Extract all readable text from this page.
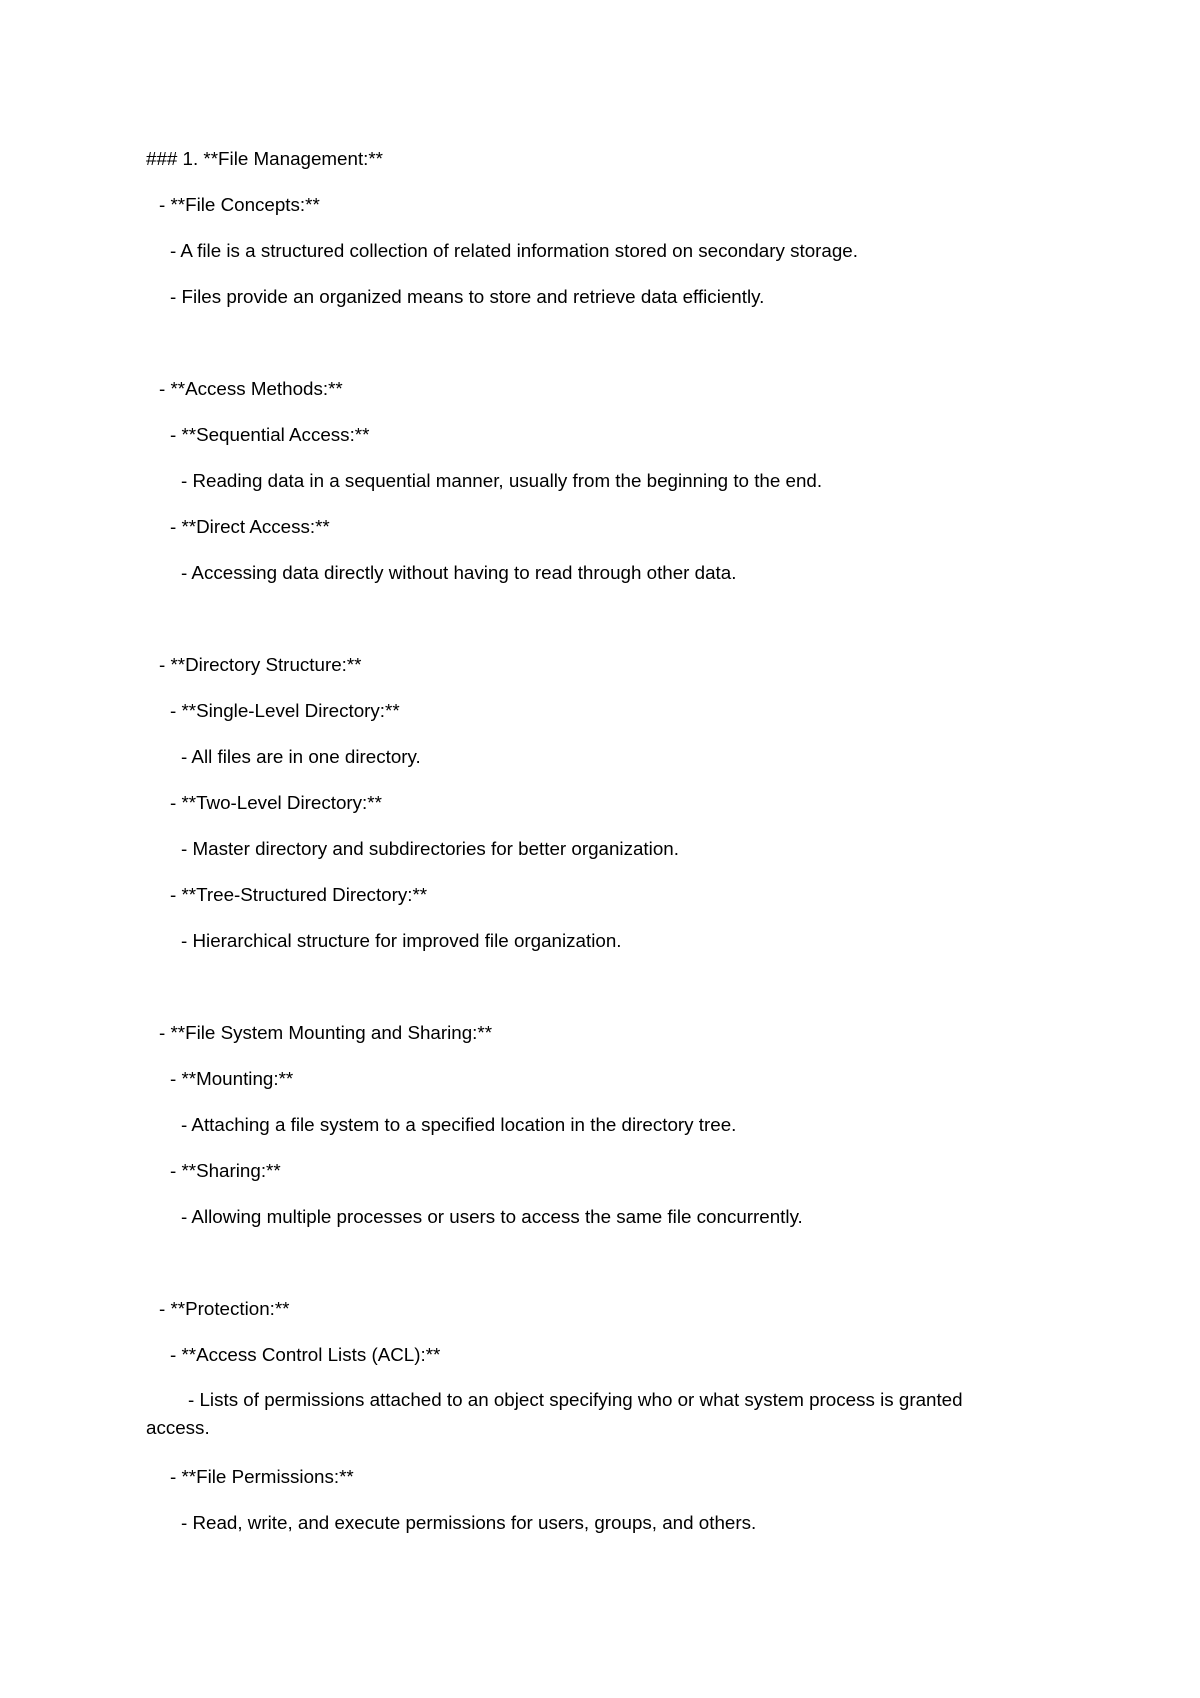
### 1. **File Management:**
- **File Concepts:**
- A file is a structured collection of related information stored on secondary storage.
- Files provide an organized means to store and retrieve data efficiently.
- **Access Methods:**
- **Sequential Access:**
- Reading data in a sequential manner, usually from the beginning to the end.
- **Direct Access:**
- Accessing data directly without having to read through other data.
- **Directory Structure:**
- **Single-Level Directory:**
- All files are in one directory.
- **Two-Level Directory:**
- Master directory and subdirectories for better organization.
- **Tree-Structured Directory:**
- Hierarchical structure for improved file organization.
- **File System Mounting and Sharing:**
- **Mounting:**
- Attaching a file system to a specified location in the directory tree.
- **Sharing:**
- Allowing multiple processes or users to access the same file concurrently.
- **Protection:**
- **Access Control Lists (ACL):**
- Lists of permissions attached to an object specifying who or what system process is granted access.
- **File Permissions:**
- Read, write, and execute permissions for users, groups, and others.
